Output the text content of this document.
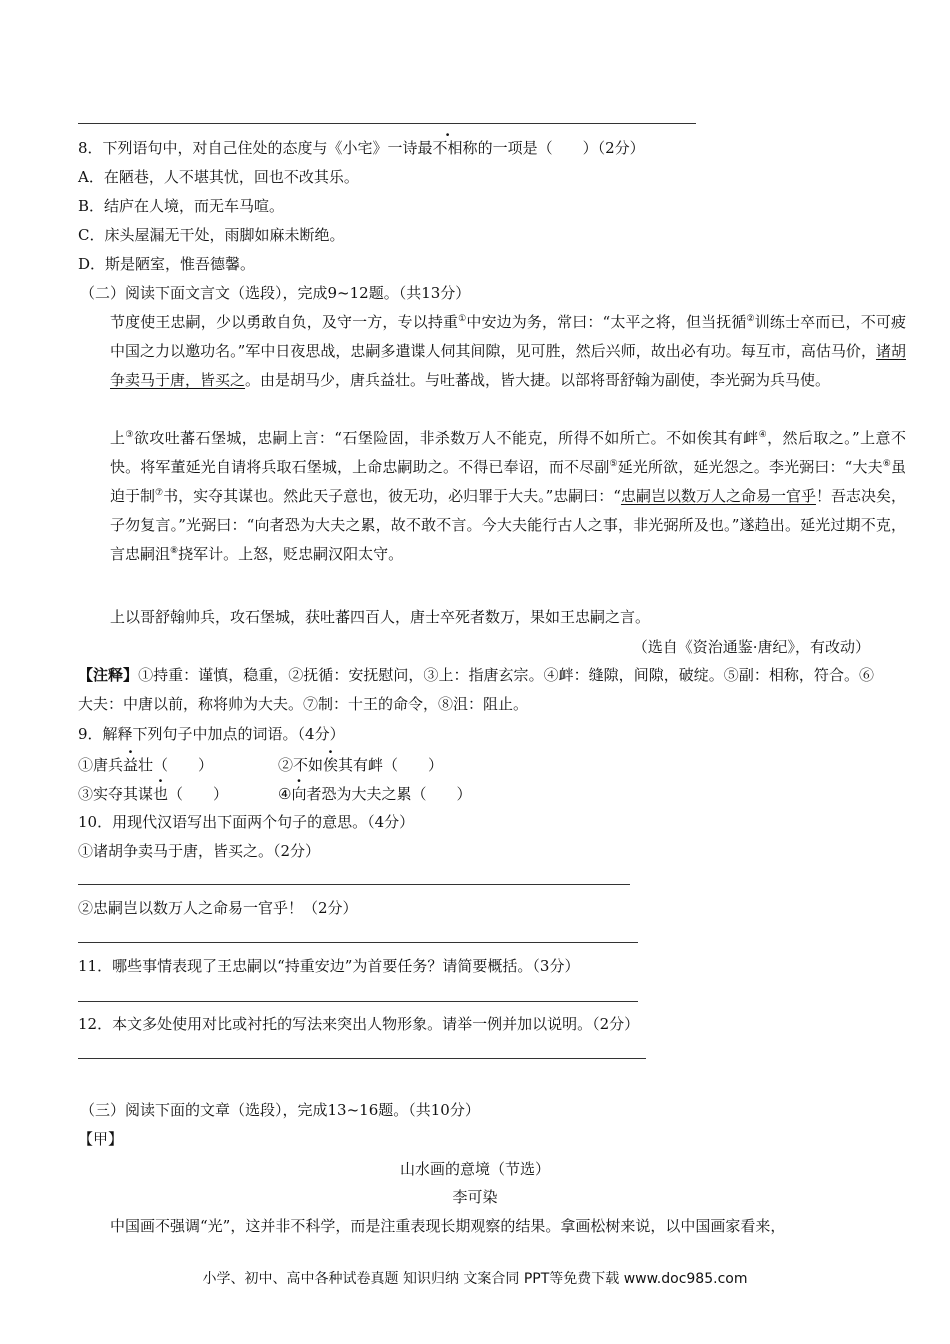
8．下列语句中，对自己住处的态度与《小宅》一诗最不相称的一项是（　　）（2分）
A．在陋巷，人不堪其忧，回也不改其乐。
B．结庐在人境，而无车马喧。
C．床头屋漏无干处，雨脚如麻未断绝。
D．斯是陋室，惟吾德馨。
（二）阅读下面文言文（选段），完成9~12题。（共13分）
节度使王忠嗣，少以勇敢自负，及守一方，专以持重①中安边为务，常曰：“太平之将，但当抚循②训练士卒而已，不可疲中国之力以邀功名。”军中日夜思战，忠嗣多遣谍人伺其间隙，见可胜，然后兴师，故出必有功。每互市，高估马价，诸胡争卖马于唐，皆买之。由是胡马少，唐兵益壮。与吐蕃战，皆大捷。以部将哥舒翰为副使，李光弼为兵马使。
上③欲攻吐蕃石堡城，忠嗣上言：“石堡险固，非杀数万人不能克，所得不如所亡。不如俟其有衅④，然后取之。”上意不快。将军董延光自请将兵取石堡城，上命忠嗣助之。不得已奉诏，而不尽副⑤延光所欲，延光怨之。李光弼曰：“大夫⑥虽迫于制⑦书，实夺其谋也。然此天子意也，彼无功，必归罪于大夫。”忠嗣曰：“忠嗣岂以数万人之命易一官乎！吾志决矣，子勿复言。”光弼曰：“向者恐为大夫之累，故不敢不言。今大夫能行古人之事，非光弼所及也。”遂趋出。延光过期不克，言忠嗣沮⑧挠军计。上怒，贬忠嗣汉阳太守。
上以哥舒翰帅兵，攻石堡城，获吐蕃四百人，唐士卒死者数万，果如王忠嗣之言。
（选自《资治通鉴·唐纪》，有改动）
【注释】①持重：谨慎，稳重，②抚循：安抚慰问，③上：指唐玄宗。④衅：缝隙，间隙，破绽。⑤副：相称，符合。⑥大夫：中唐以前，称将帅为大夫。⑦制：十王的命令，⑧沮：阻止。
9．解释下列句子中加点的词语。（4分）
①唐兵益壮（　　）	②不如俟其有衅（　　）
③实夺其谋也（　　）	④向者恐为大夫之累（　　）
10．用现代汉语写出下面两个句子的意思。（4分）
①诸胡争卖马于唐，皆买之。（2分）
②忠嗣岂以数万人之命易一官乎！（2分）
11．哪些事情表现了王忠嗣以“持重安边”为首要任务？请简要概括。（3分）
12．本文多处使用对比或衬托的写法来突出人物形象。请举一例并加以说明。（2分）
（三）阅读下面的文章（选段），完成13~16题。（共10分）
【甲】
山水画的意境（节选）
李可染
中国画不强调“光”，这并非不科学，而是注重表现长期观察的结果。拿画松树来说，以中国画家看来，
小学、初中、高中各种试卷真题 知识归纳 文案合同 PPT等免费下载 www.doc985.com
